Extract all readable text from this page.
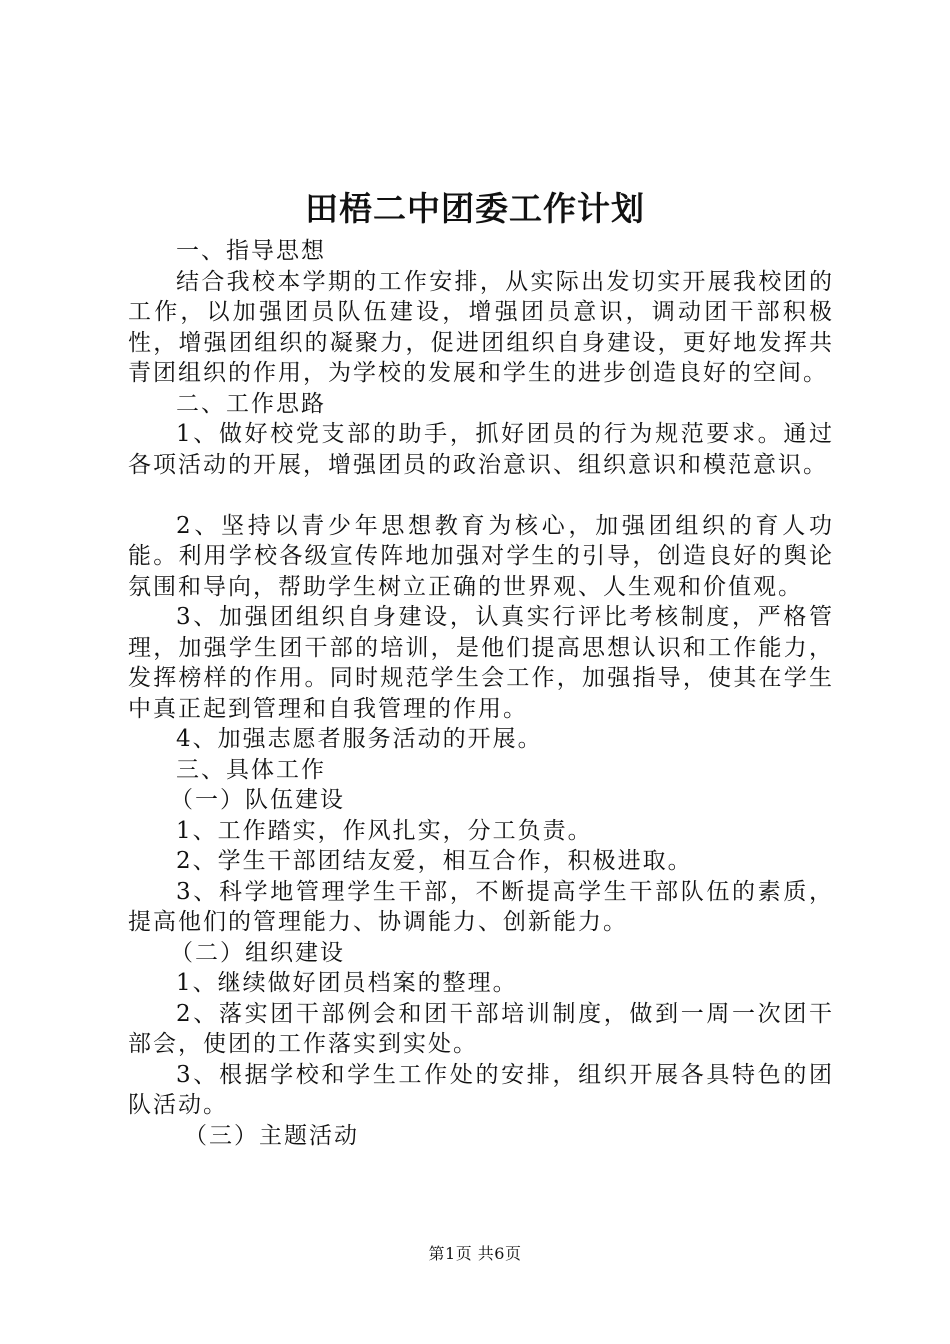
田梧二中团委工作计划

一、指导思想

结合我校本学期的工作安排，从实际出发切实开展我校团的工作，以加强团员队伍建设，增强团员意识，调动团干部积极性，增强团组织的凝聚力，促进团组织自身建设，更好地发挥共青团组织的作用，为学校的发展和学生的进步创造良好的空间。

二、工作思路

1、做好校党支部的助手，抓好团员的行为规范要求。通过各项活动的开展，增强团员的政治意识、组织意识和模范意识。

2、坚持以青少年思想教育为核心，加强团组织的育人功能。利用学校各级宣传阵地加强对学生的引导，创造良好的舆论氛围和导向，帮助学生树立正确的世界观、人生观和价值观。

3、加强团组织自身建设，认真实行评比考核制度，严格管理，加强学生团干部的培训，是他们提高思想认识和工作能力，发挥榜样的作用。同时规范学生会工作，加强指导，使其在学生中真正起到管理和自我管理的作用。

4、加强志愿者服务活动的开展。

三、具体工作

（一）队伍建设

1、工作踏实，作风扎实，分工负责。

2、学生干部团结友爱，相互合作，积极进取。

3、科学地管理学生干部，不断提高学生干部队伍的素质，提高他们的管理能力、协调能力、创新能力。

（二）组织建设

1、继续做好团员档案的整理。

2、落实团干部例会和团干部培训制度，做到一周一次团干部会，使团的工作落实到实处。

3、根据学校和学生工作处的安排，组织开展各具特色的团队活动。

（三）主题活动

第1页 共6页
